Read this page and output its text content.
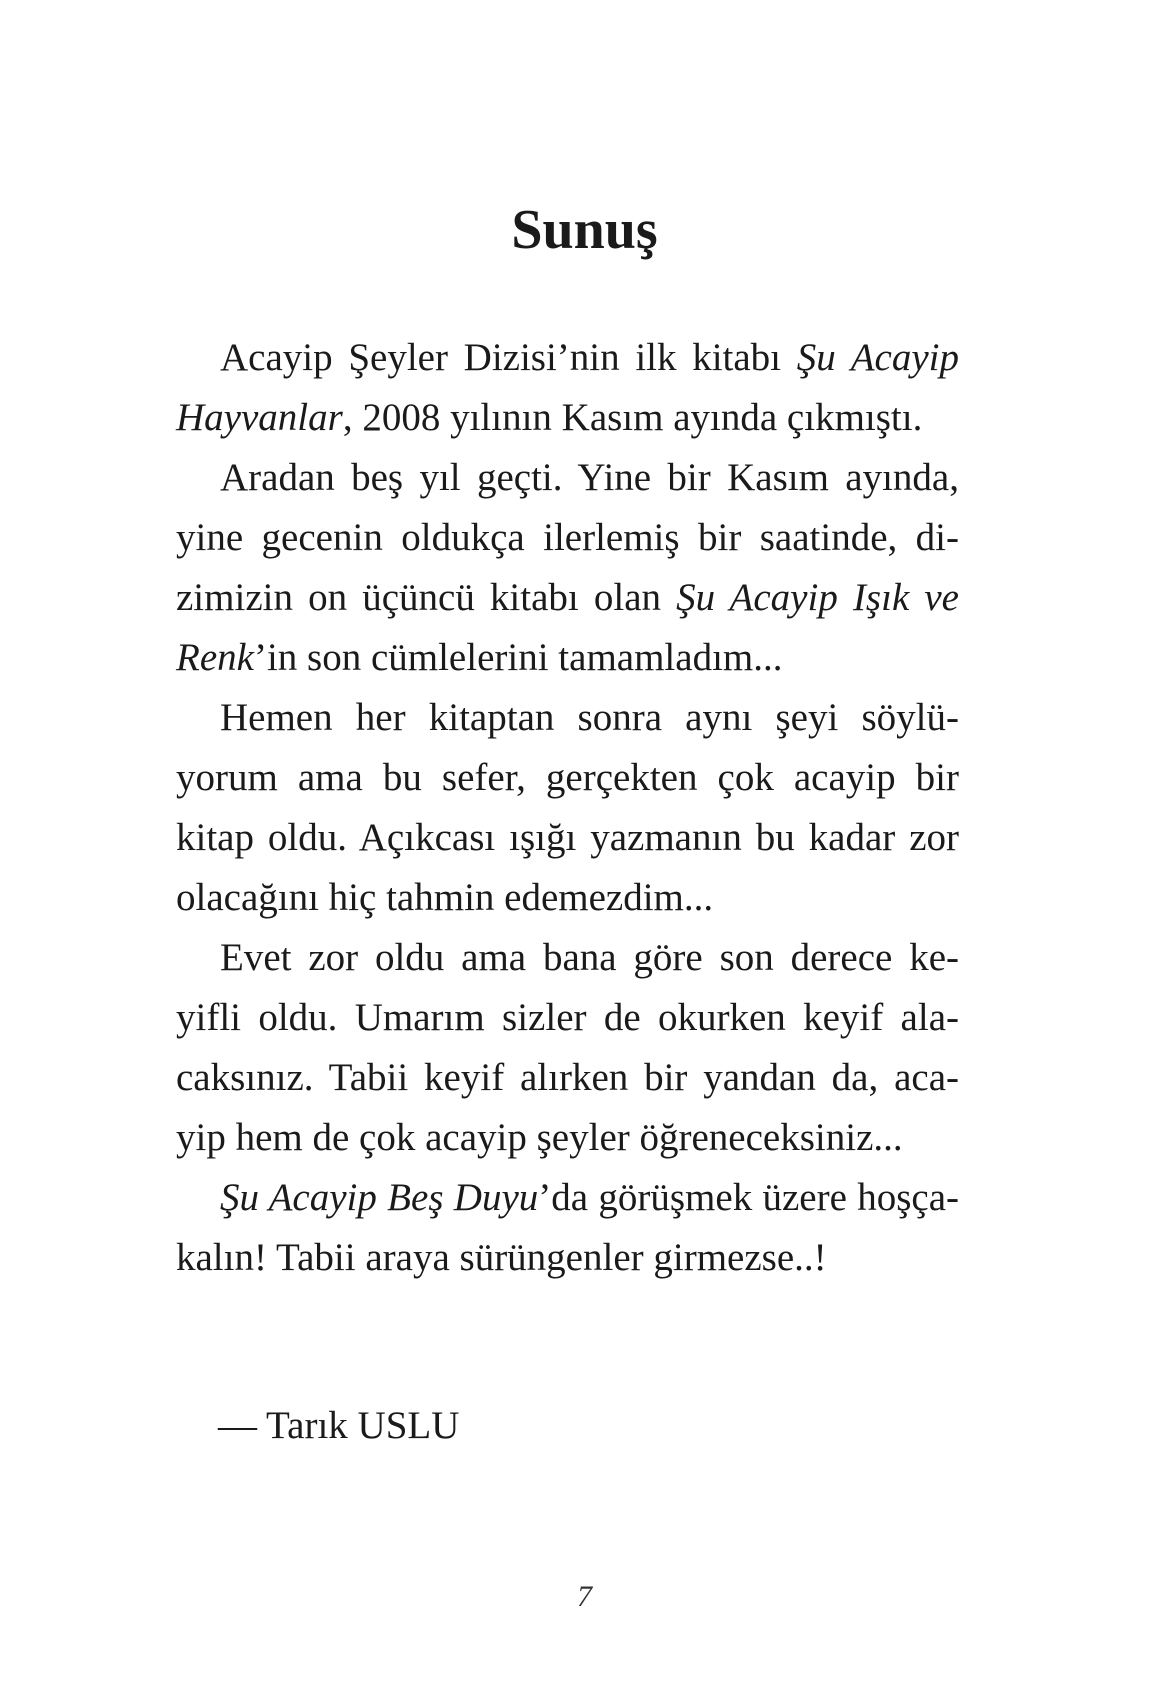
Sunuş
Acayip Şeyler Dizisi’nin ilk kitabı Şu Acayip
Hayvanlar, 2008 yılının Kasım ayında çıkmıştı.
Aradan beş yıl geçti. Yine bir Kasım ayında,
yine gecenin oldukça ilerlemiş bir saatinde, di-
zimizin on üçüncü kitabı olan Şu Acayip Işık ve
Renk’in son cümlelerini tamamladım...
Hemen her kitaptan sonra aynı şeyi söylü-
yorum ama bu sefer, gerçekten çok acayip bir
kitap oldu. Açıkcası ışığı yazmanın bu kadar zor
olacağını hiç tahmin edemezdim...
Evet zor oldu ama bana göre son derece ke-
yifli oldu. Umarım sizler de okurken keyif ala-
caksınız. Tabii keyif alırken bir yandan da, aca-
yip hem de çok acayip şeyler öğreneceksiniz...
Şu Acayip Beş Duyu’da görüşmek üzere hoşça-
kalın! Tabii araya sürüngenler girmezse..!
— Tarık USLU
7
